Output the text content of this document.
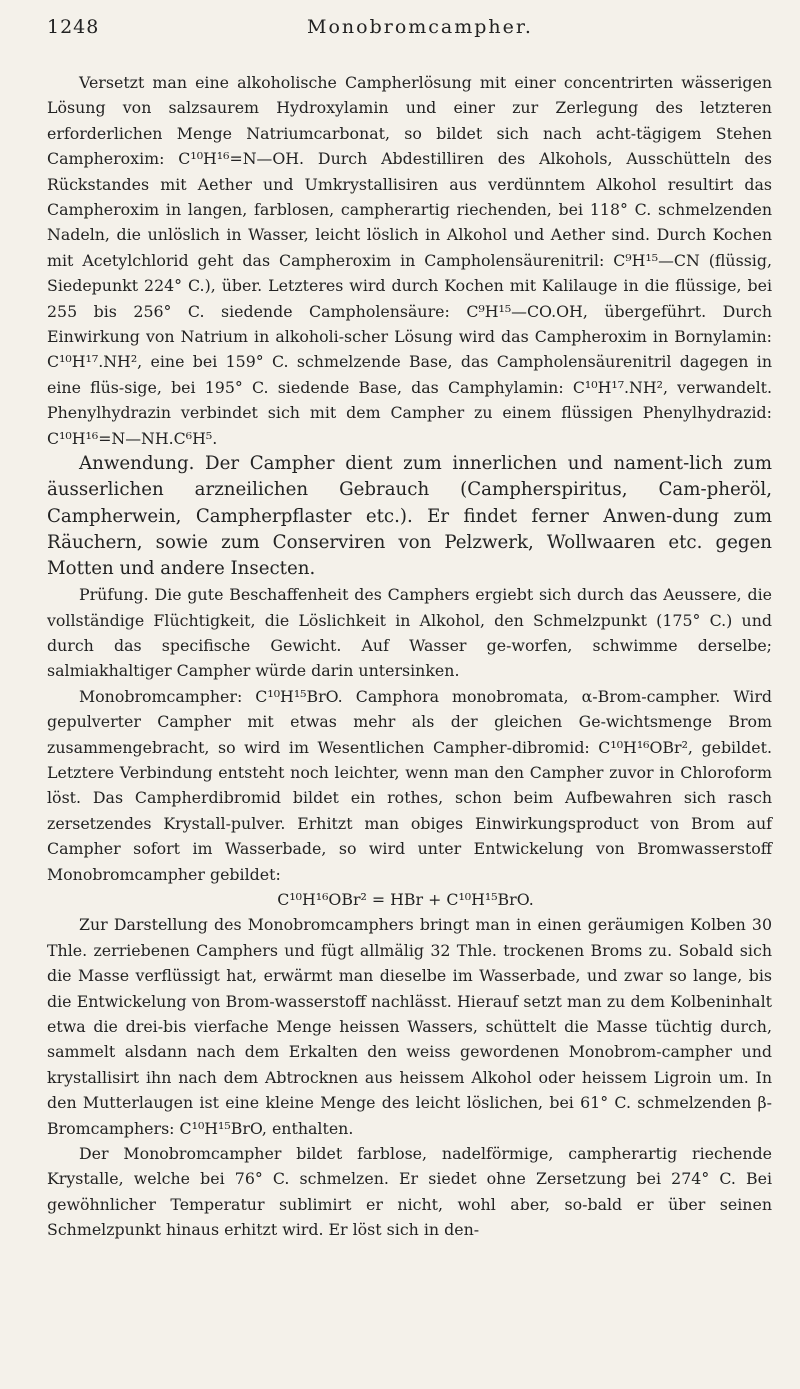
1248	Monobromcampher.

Versetzt man eine alkoholische Campherlösung mit einer concentrirten wässerigen Lösung von salzsaurem Hydroxylamin und einer zur Zerlegung des letzteren erforderlichen Menge Natriumcarbonat, so bildet sich nach acht-tägigem Stehen Campheroxim: C¹⁰H¹⁶=N—OH. Durch Abdestilliren des Alkohols, Ausschütteln des Rückstandes mit Aether und Umkrystallisiren aus verdünntem Alkohol resultirt das Campheroxim in langen, farblosen, campherartig riechenden, bei 118° C. schmelzenden Nadeln, die unlöslich in Wasser, leicht löslich in Alkohol und Aether sind. Durch Kochen mit Acetylchlorid geht das Campheroxim in Campholensäurenitril: C⁹H¹⁵—CN (flüssig, Siedepunkt 224° C.), über. Letzteres wird durch Kochen mit Kalilauge in die flüssige, bei 255 bis 256° C. siedende Campholensäure: C⁹H¹⁵—CO.OH, übergeführt. Durch Einwirkung von Natrium in alkoholi-scher Lösung wird das Campheroxim in Bornylamin: C¹⁰H¹⁷.NH², eine bei 159° C. schmelzende Base, das Campholensäurenitril dagegen in eine flüs-sige, bei 195° C. siedende Base, das Camphylamin: C¹⁰H¹⁷.NH², verwandelt. Phenylhydrazin verbindet sich mit dem Campher zu einem flüssigen Phenylhydrazid: C¹⁰H¹⁶=N—NH.C⁶H⁵.

Anwendung. Der Campher dient zum innerlichen und nament-lich zum äusserlichen arzneilichen Gebrauch (Campherspiritus, Cam-pheröl, Campherwein, Campherpflaster etc.). Er findet ferner Anwen-dung zum Räuchern, sowie zum Conserviren von Pelzwerk, Wollwaaren etc. gegen Motten und andere Insecten.

Prüfung. Die gute Beschaffenheit des Camphers ergiebt sich durch das Aeussere, die vollständige Flüchtigkeit, die Löslichkeit in Alkohol, den Schmelzpunkt (175° C.) und durch das specifische Gewicht. Auf Wasser ge-worfen, schwimme derselbe; salmiakhaltiger Campher würde darin untersinken.

Monobromcampher: C¹⁰H¹⁵BrO. Camphora monobromata, α-Brom-campher. Wird gepulverter Campher mit etwas mehr als der gleichen Ge-wichtsmenge Brom zusammengebracht, so wird im Wesentlichen Campher-dibromid: C¹⁰H¹⁶OBr², gebildet. Letztere Verbindung entsteht noch leichter, wenn man den Campher zuvor in Chloroform löst. Das Campherdibromid bildet ein rothes, schon beim Aufbewahren sich rasch zersetzendes Krystall-pulver. Erhitzt man obiges Einwirkungsproduct von Brom auf Campher sofort im Wasserbade, so wird unter Entwickelung von Bromwasserstoff Monobromcampher gebildet:

C¹⁰H¹⁶OBr² = HBr + C¹⁰H¹⁵BrO.

Zur Darstellung des Monobromcamphers bringt man in einen geräumigen Kolben 30 Thle. zerriebenen Camphers und fügt allmälig 32 Thle. trockenen Broms zu. Sobald sich die Masse verflüssigt hat, erwärmt man dieselbe im Wasserbade, und zwar so lange, bis die Entwickelung von Brom-wasserstoff nachlässt. Hierauf setzt man zu dem Kolbeninhalt etwa die drei-bis vierfache Menge heissen Wassers, schüttelt die Masse tüchtig durch, sammelt alsdann nach dem Erkalten den weiss gewordenen Monobrom-campher und krystallisirt ihn nach dem Abtrocknen aus heissem Alkohol oder heissem Ligroin um. In den Mutterlaugen ist eine kleine Menge des leicht löslichen, bei 61° C. schmelzenden β-Bromcamphers: C¹⁰H¹⁵BrO, enthalten.

Der Monobromcampher bildet farblose, nadelförmige, campherartig riechende Krystalle, welche bei 76° C. schmelzen. Er siedet ohne Zersetzung bei 274° C. Bei gewöhnlicher Temperatur sublimirt er nicht, wohl aber, so-bald er über seinen Schmelzpunkt hinaus erhitzt wird. Er löst sich in den-
